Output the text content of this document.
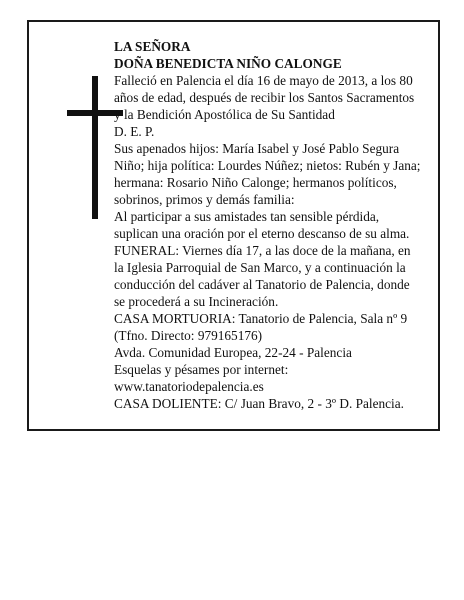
LA SEÑORA

DOÑA BENEDICTA NIÑO CALONGE

Falleció en Palencia el día 16 de mayo de 2013, a los 80 años de edad, después de recibir los Santos Sacramentos y la Bendición Apostólica de Su Santidad

D. E. P.

Sus apenados hijos: María Isabel y José Pablo Segura Niño; hija política: Lourdes Núñez; nietos: Rubén y Jana; hermana: Rosario Niño Calonge; hermanos políticos, sobrinos, primos y demás familia:

Al participar a sus amistades tan sensible pérdida, suplican una oración por el eterno descanso de su alma.

FUNERAL: Viernes día 17, a las doce de la mañana, en la Iglesia Parroquial de San Marco, y a continuación la conducción del cadáver al Tanatorio de Palencia, donde se procederá a su Incineración.

CASA MORTUORIA: Tanatorio de Palencia, Sala nº 9 (Tfno. Directo: 979165176)

Avda. Comunidad Europea, 22-24 - Palencia

Esquelas y pésames por internet:

www.tanatoriodepalencia.es

CASA DOLIENTE: C/ Juan Bravo, 2 - 3º D. Palencia.
